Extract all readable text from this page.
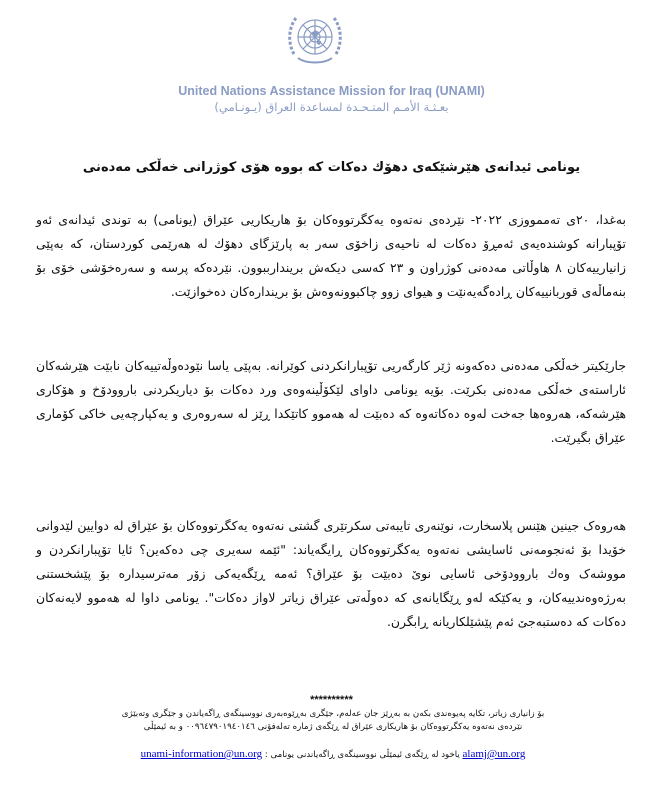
United Nations Assistance Mission for Iraq (UNAMI)
بعـثـة الأمـم المتـحـدة لمساعدة العراق (يـونـامي)
یونامی ئیدانەی هێرشێکەی دهۆك دەكات کە بووە هۆی کوژرانی خەڵکی مەدەنی
بەغدا، ٢٠ی تەممووزی ٢٠٢٢- نێردەی نەتەوە یەکگرتووەکان بۆ هاریکاریی عێراق (یونامی) بە توندی ئیدانەی ئەو تۆپبارانە کوشندەیەی ئەمڕۆ دەکات لە ناحیەی زاخۆی سەر بە پارێزگای دهۆك لە هەرێمی کوردستان، کە بەپێی زانیارییەکان ٨ هاوڵاتی مەدەنی کوژراون و ٢٣ کەسی دیکەش بریندارببوون. نێردەکە پرسە و سەرەخۆشی خۆی بۆ بنەماڵەی قوربانییەکان ڕادەگەیەنێت و هیوای زوو چاکبوونەوەش بۆ بریندارەکان دەخوازێت.
جارێکیتر خەڵکی مەدەنی دەکەونە ژێر کارگەریی تۆپبارانکردنی کوێرانە. بەپێی یاسا نێودەوڵەتییەکان نابێت هێرشەکان ئاراستەی خەڵکی مەدەنی بکرێت. بۆیە یونامی داوای لێکۆڵینەوەی ورد دەکات بۆ دیاریکردنی باروودۆخ و هۆکاری هێرشەکە، هەروەها جەخت لەوە دەکاتەوە کە دەبێت لە هەموو کاتێکدا ڕێز لە سەروەری و یەکپارچەیی خاکی کۆماری عێراق بگیرێت.
هەروەک جینین هێنس پلاسخارت، نوێنەری تایبەتی سکرتێری گشتی نەتەوە یەکگرتووەکان بۆ عێراق لە دوایین لێدوانی خۆیدا بۆ ئەنجومەنی ئاسایشی نەتەوە یەکگرتووەکان ڕایگەیاند: "ئێمە سەیری چی دەکەین؟ ئایا تۆپبارانکردن و مووشەک وەك باروودۆخی ئاسایی نوێ دەبێت بۆ عێراق؟ ئەمە ڕێگەیەکی زۆر مەترسیدارە بۆ پێشخستنی بەرژەوەندییەکان، و یەکێکە لەو ڕێگایانەی کە دەوڵەتی عێراق زیاتر لاواز دەکات". یونامی داوا لە هەموو لایەنەکان دەکات کە دەستبەجێ ئەم پێشێلکاریانە ڕابگرن.
**********
بۆ زانیاری زیاتر، تکایە پەیوەندی بکەن بە بەڕێز جان عەلەم، جێگری بەڕێوەبەری نووسینگەی ڕاگەیاندن و جێگری وتەبێژی
نێردەی نەتەوە یەکگرتووەکان بۆ هاریکاری عێراق لە ڕێگەی ژمارە تەلەفۆنی ٠٠٩٦٤٧٩٠١٩٤٠١٤٦ و بە ئیمێڵی
alamj@un.org یاخود لە ڕێگەی ئیمێڵی نووسینگەی ڕاگەیاندنی یونامی : unami-information@un.org
